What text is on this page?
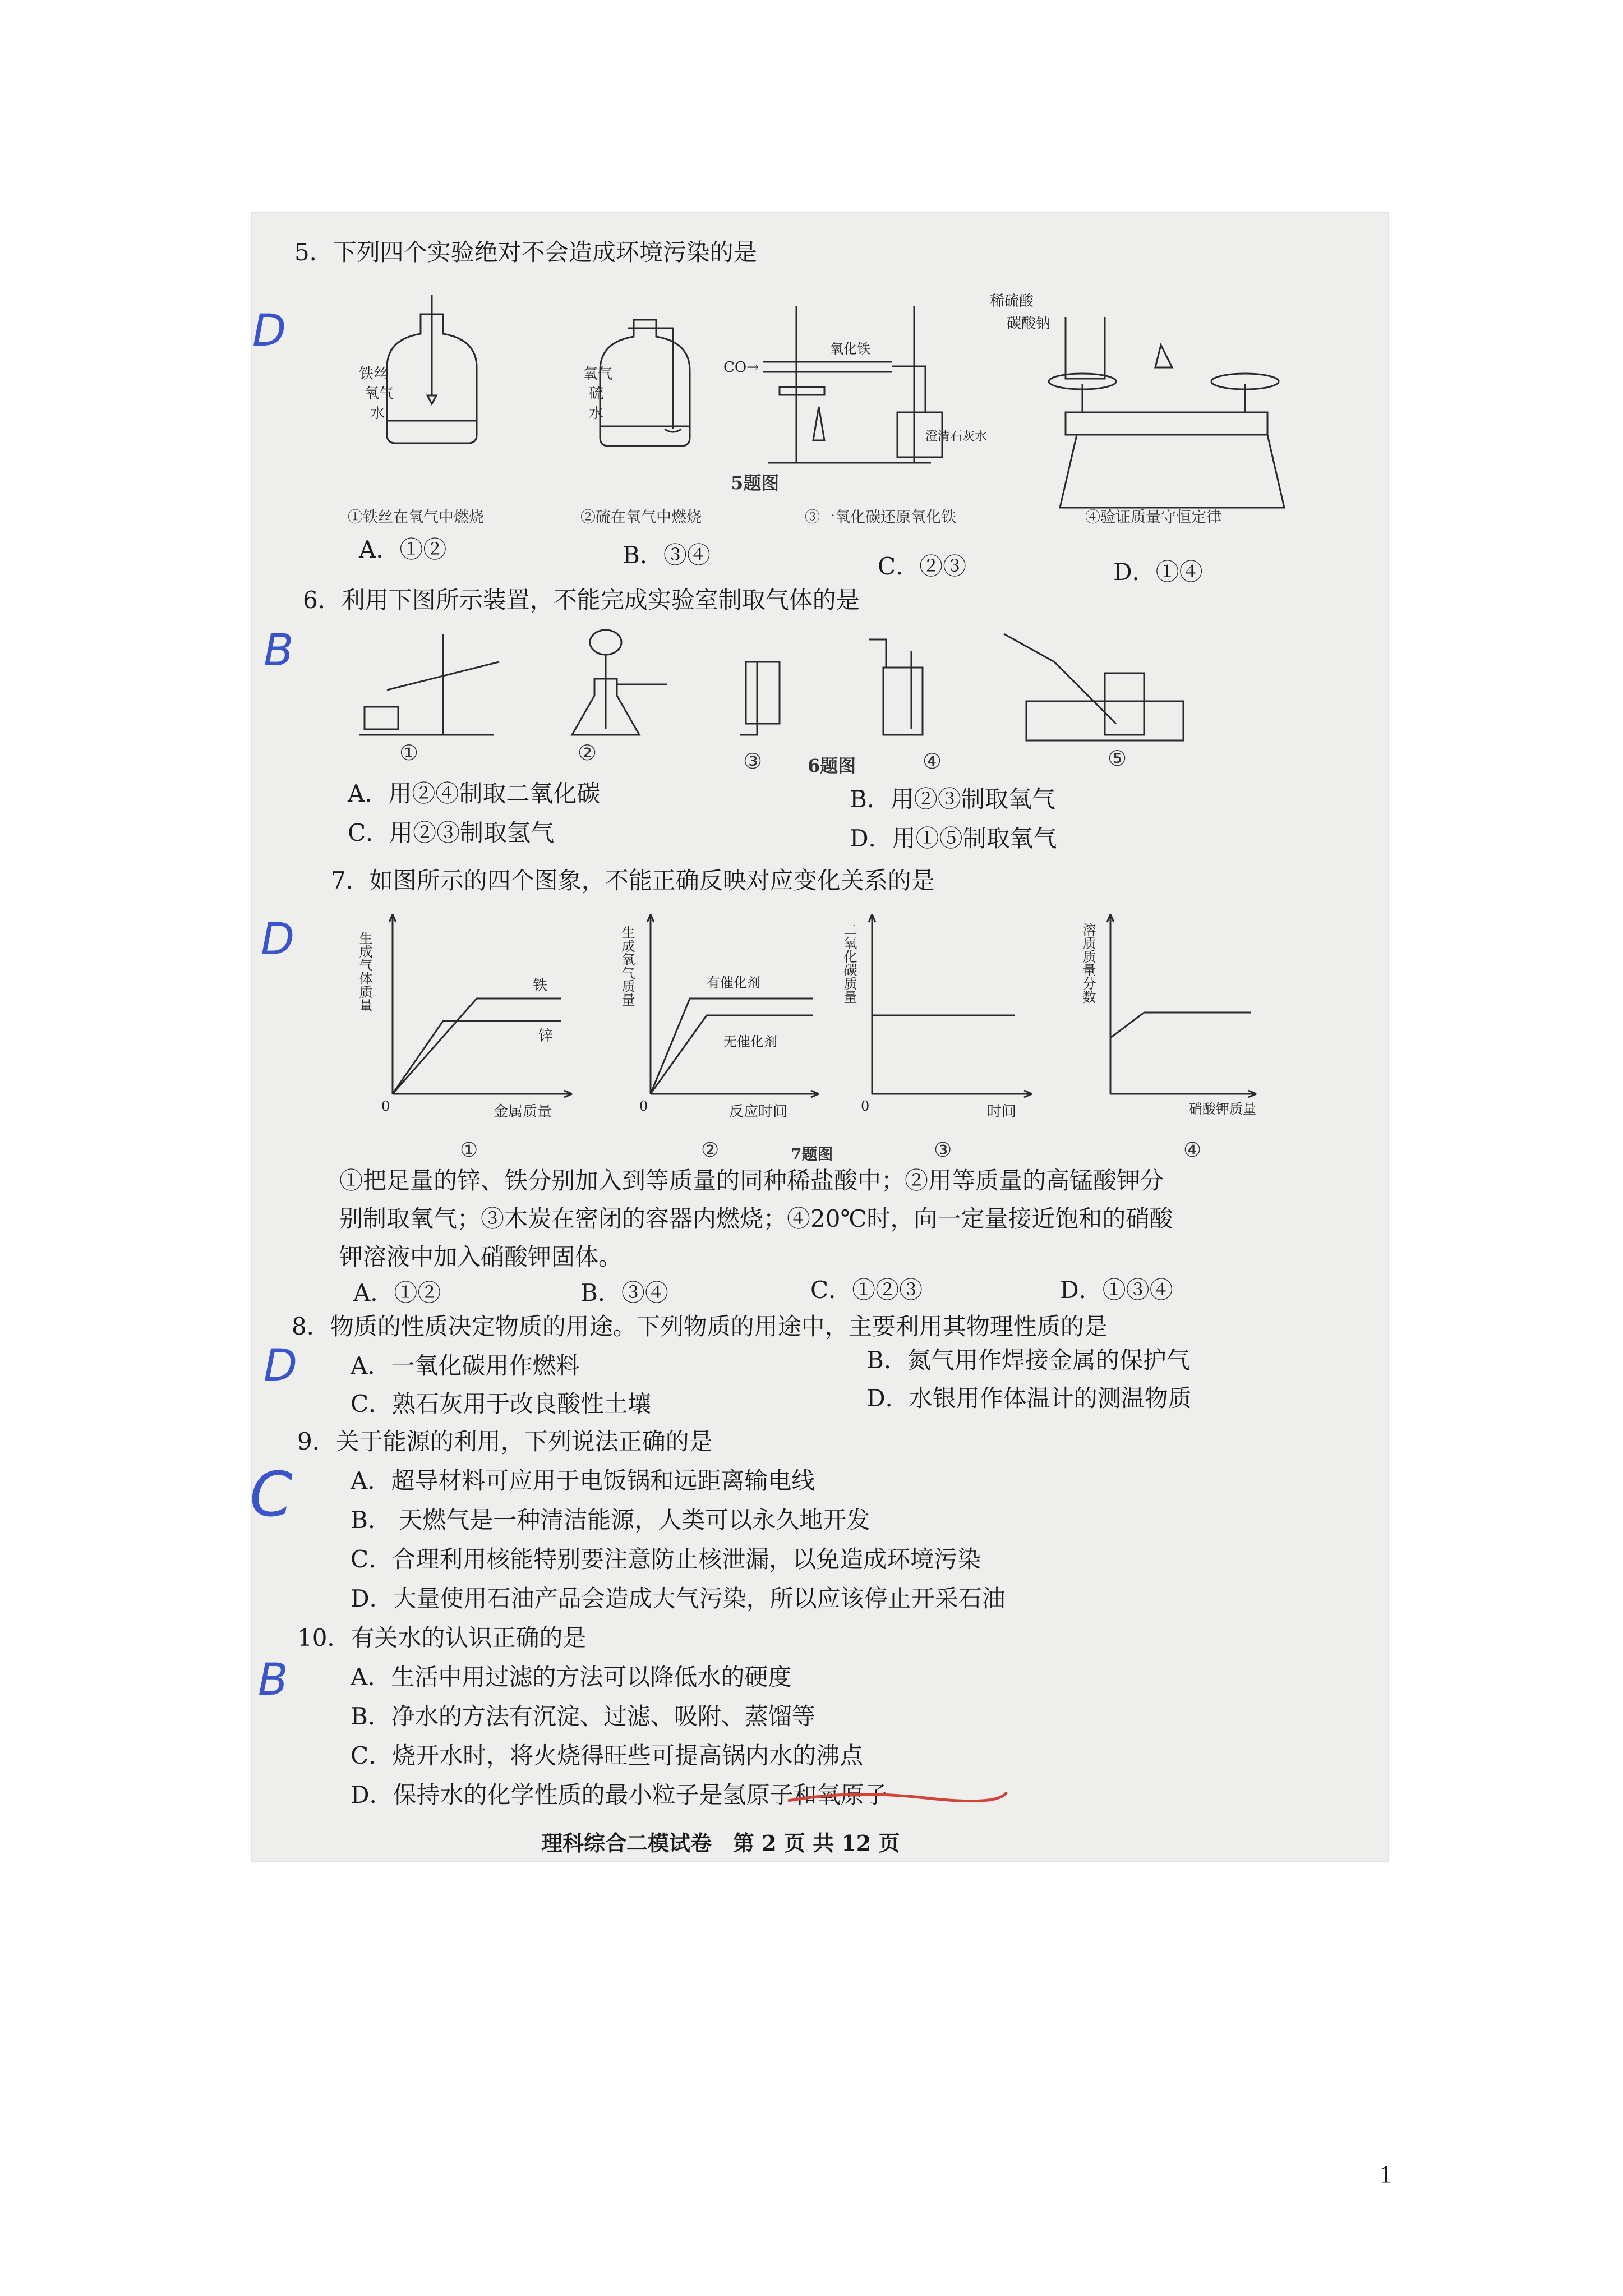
5．下列四个实验绝对不会造成环境污染的是
D
铁丝
氧气
水
氧气
硫
水
CO→
氧化铁
澄清石灰水
稀硫酸
碳酸钠
5题图
①铁丝在氧气中燃烧	②硫在氧气中燃烧	③一氧化碳还原氧化铁	④验证质量守恒定律
A．①②	B．③④	C．②③	D．①④
6．利用下图所示装置，不能完成实验室制取气体的是
B
①	②	③	6题图	④	⑤
A．用②④制取二氧化碳	B．用②③制取氧气
C．用②③制取氢气	D．用①⑤制取氧气
7．如图所示的四个图象，不能正确反映对应变化关系的是
D	生成气体质量	铁
锌
0	金属质量
生成氧气质量	有催化剂
无催化剂
0	反应时间
二氧化碳质量
0	时间
溶质质量分数
硝酸钾质量
①	②	7题图	③	④
①把足量的锌、铁分别加入到等质量的同种稀盐酸中；②用等质量的高锰酸钾分
别制取氧气；③木炭在密闭的容器内燃烧；④20℃时，向一定量接近饱和的硝酸
钾溶液中加入硝酸钾固体。
A．①②	B．③④	C．①②③	D．①③④
8．物质的性质决定物质的用途。下列物质的用途中，主要利用其物理性质的是
D A．一氧化碳用作燃料	B．氮气用作焊接金属的保护气
C．熟石灰用于改良酸性土壤	D．水银用作体温计的测温物质
9．关于能源的利用，下列说法正确的是
C A．超导材料可应用于电饭锅和远距离输电线
B． 天燃气是一种清洁能源，人类可以永久地开发
C．合理利用核能特别要注意防止核泄漏，以免造成环境污染
D．大量使用石油产品会造成大气污染，所以应该停止开采石油
10．有关水的认识正确的是
B	A．生活中用过滤的方法可以降低水的硬度
B．净水的方法有沉淀、过滤、吸附、蒸馏等
C．烧开水时，将火烧得旺些可提高锅内水的沸点
D．保持水的化学性质的最小粒子是氢原子和氧原子
理科综合二模试卷　第 2 页 共 12 页
1
